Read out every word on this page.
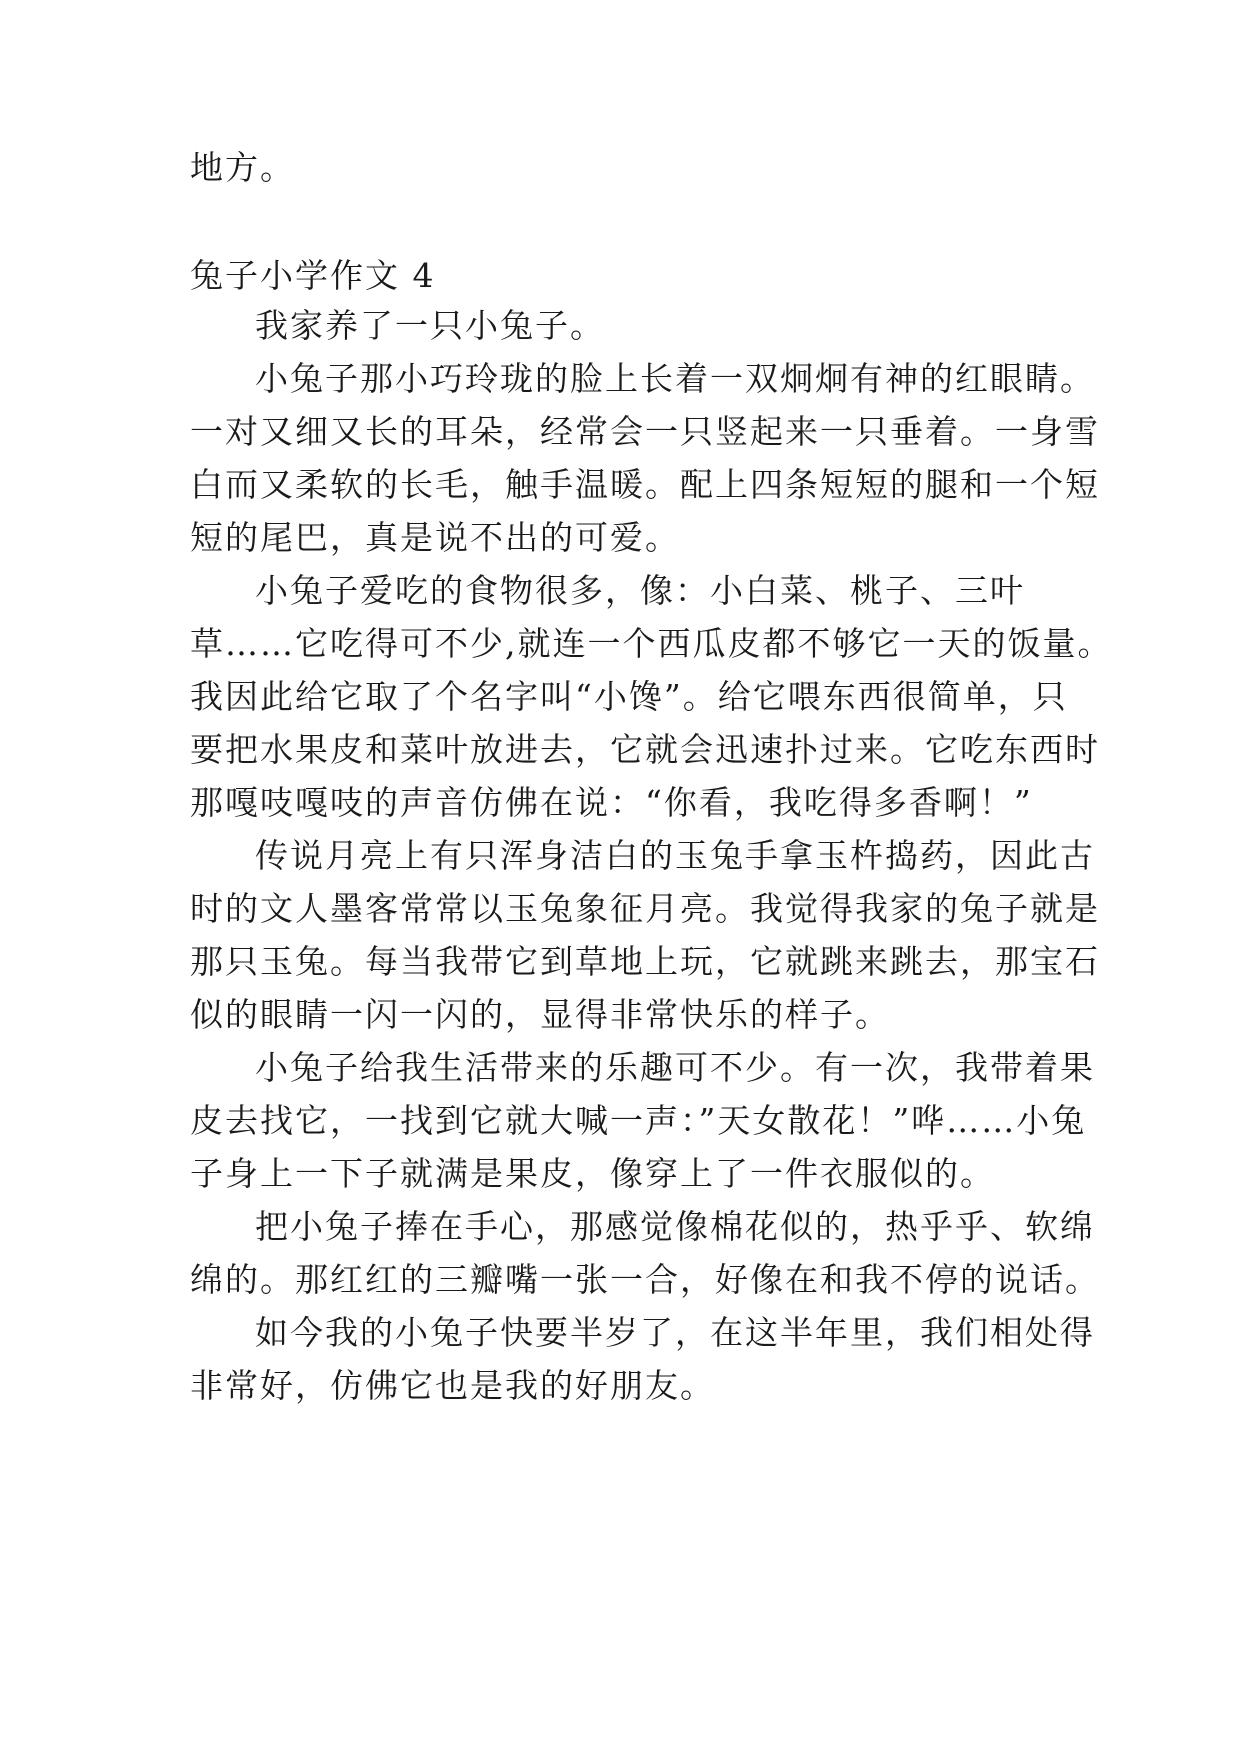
地方。
兔子小学作文 4
我家养了一只小兔子。
小兔子那小巧玲珑的脸上长着一双炯炯有神的红眼睛。
一对又细又长的耳朵，经常会一只竖起来一只垂着。一身雪
白而又柔软的长毛，触手温暖。配上四条短短的腿和一个短
短的尾巴，真是说不出的可爱。
小兔子爱吃的食物很多，像：小白菜、桃子、三叶
草……它吃得可不少,就连一个西瓜皮都不够它一天的饭量。
我因此给它取了个名字叫“小馋”。给它喂东西很简单，只
要把水果皮和菜叶放进去，它就会迅速扑过来。它吃东西时
那嘎吱嘎吱的声音仿佛在说：“你看，我吃得多香啊！”
传说月亮上有只浑身洁白的玉兔手拿玉杵捣药，因此古
时的文人墨客常常以玉兔象征月亮。我觉得我家的兔子就是
那只玉兔。每当我带它到草地上玩，它就跳来跳去，那宝石
似的眼睛一闪一闪的，显得非常快乐的样子。
小兔子给我生活带来的乐趣可不少。有一次，我带着果
皮去找它，一找到它就大喊一声：”天女散花！”哗……小兔
子身上一下子就满是果皮，像穿上了一件衣服似的。
把小兔子捧在手心，那感觉像棉花似的，热乎乎、软绵
绵的。那红红的三瓣嘴一张一合，好像在和我不停的说话。
如今我的小兔子快要半岁了，在这半年里，我们相处得
非常好，仿佛它也是我的好朋友。
